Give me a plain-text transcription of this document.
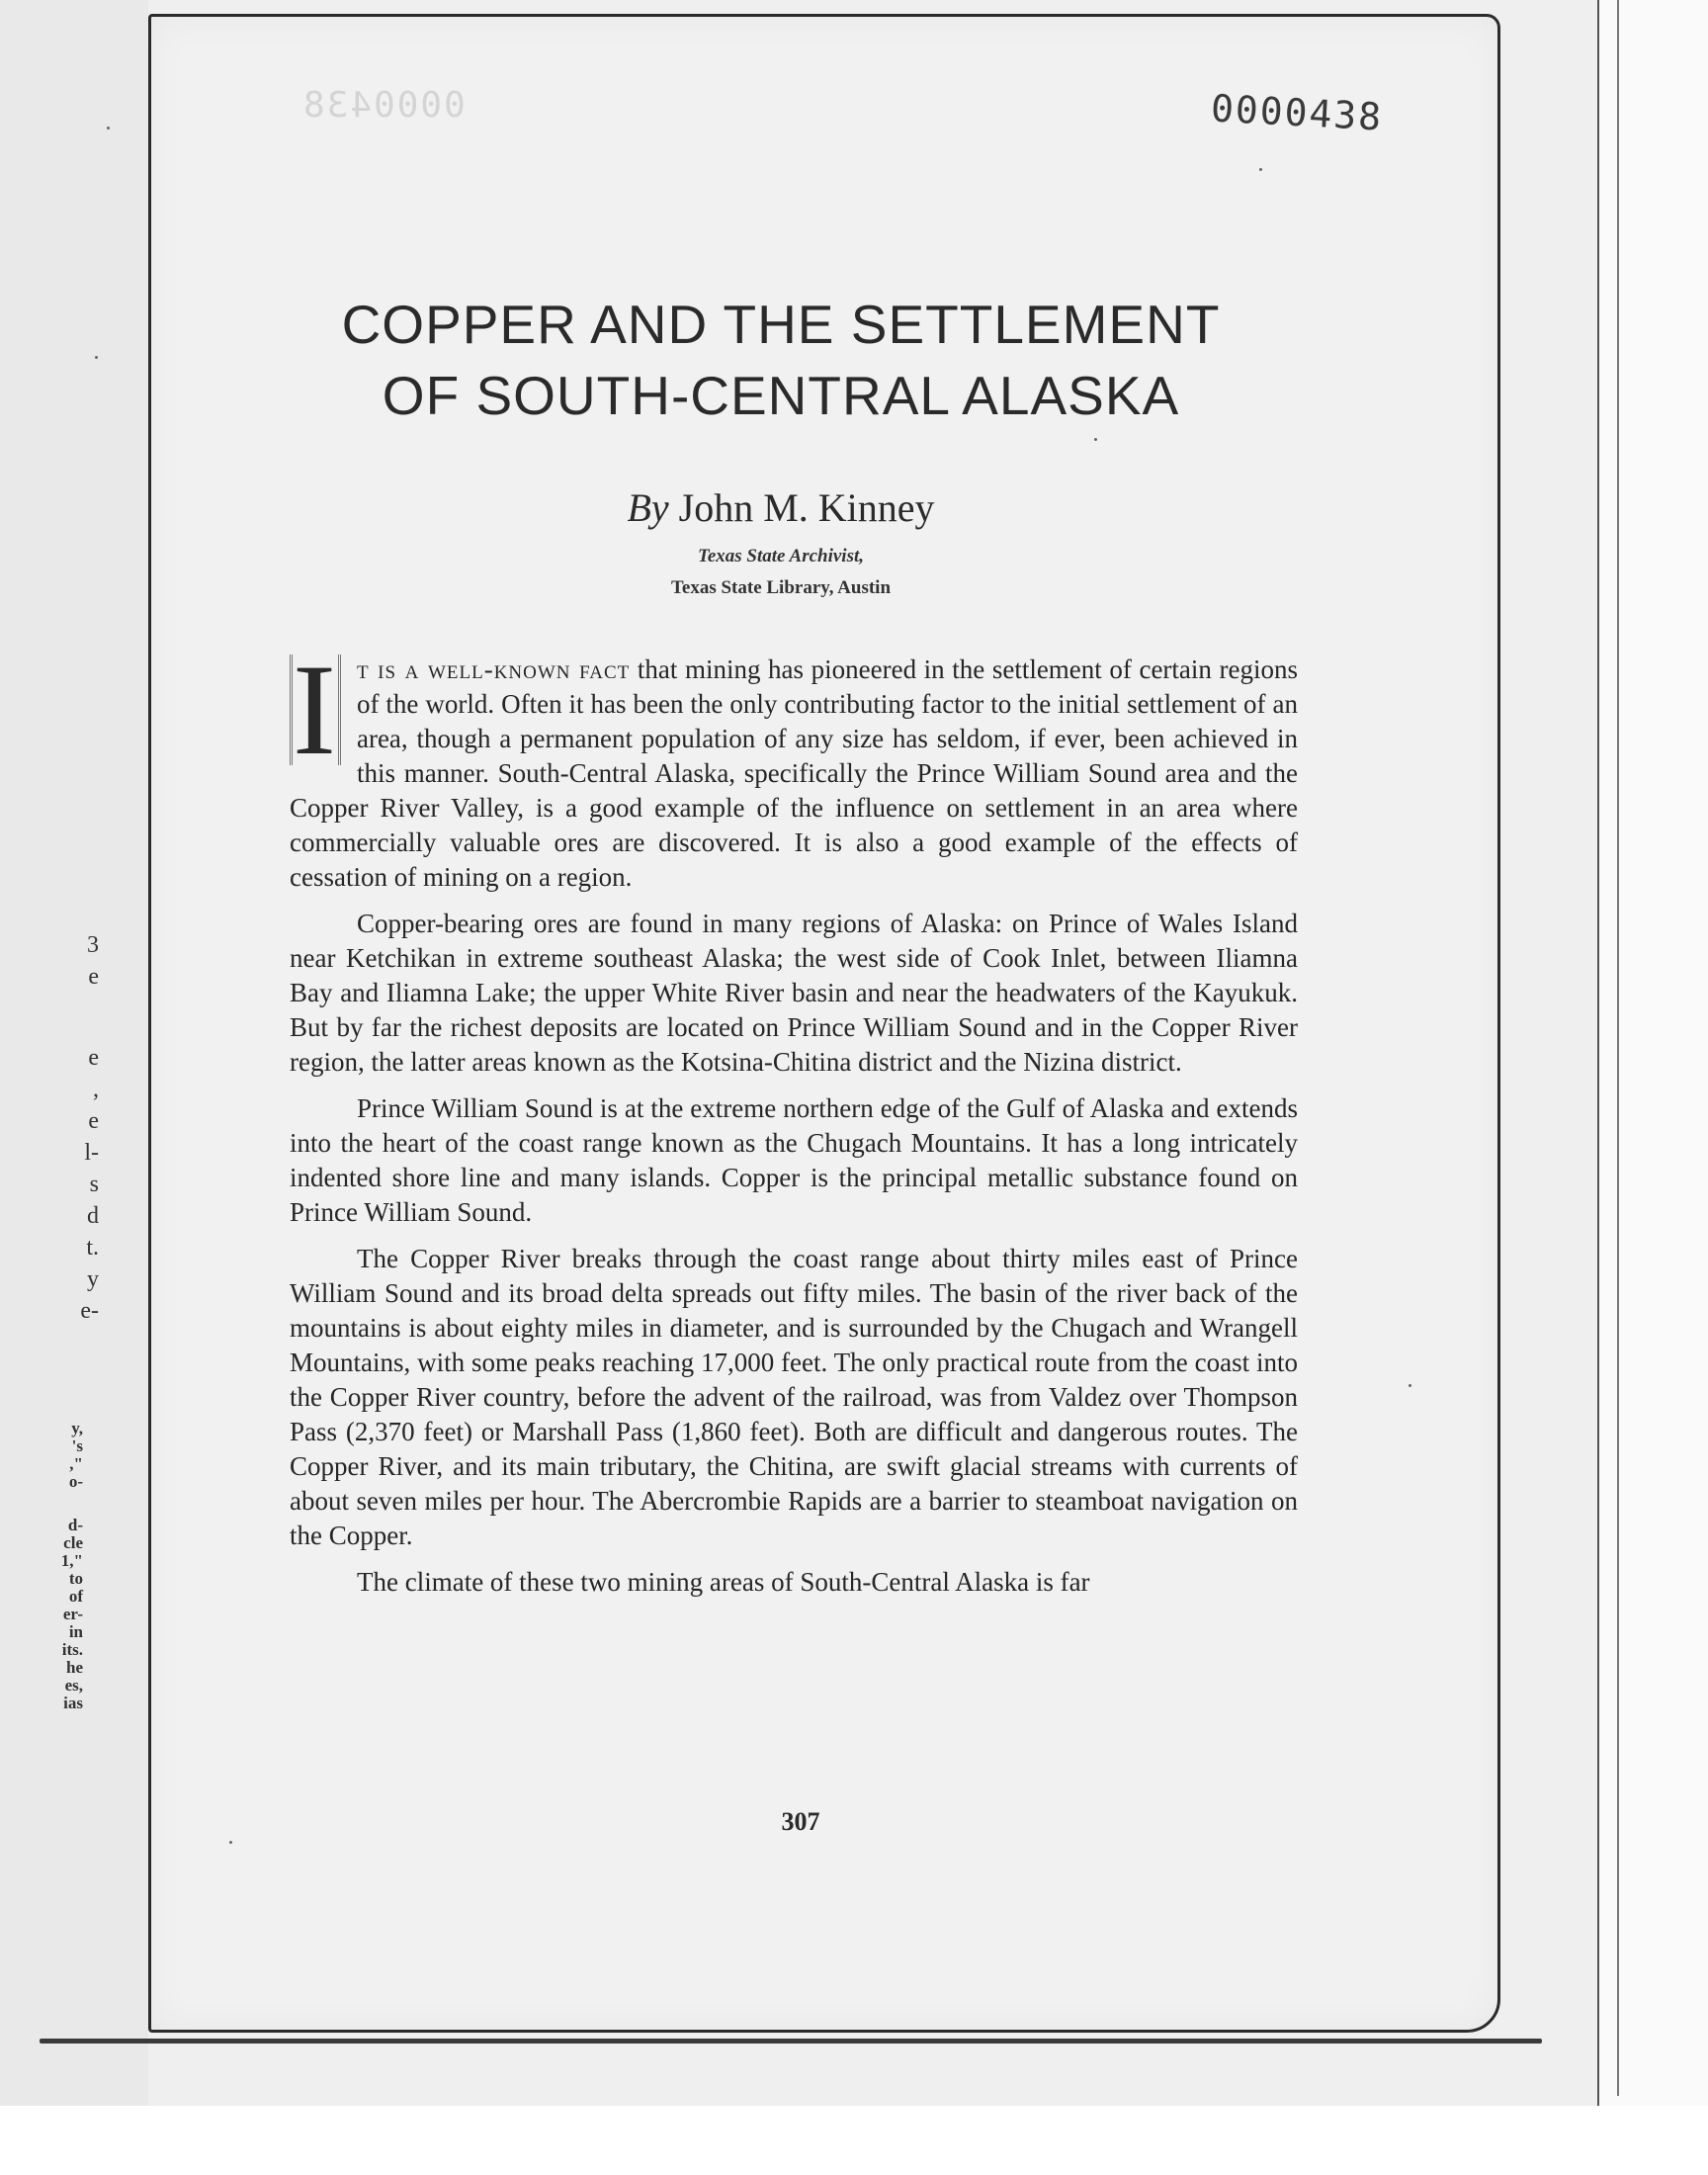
3
e
e
,
e
l-
s
d
t.
y
e-
y,
's
,"
o-
d-
cle
1,"
to
of
er-
in
its.
he
es,
ias
0000438	0000438
COPPER AND THE SETTLEMENT
OF SOUTH-CENTRAL ALASKA
By John M. Kinney
Texas State Archivist,
Texas State Library, Austin

I t is a well-known fact that mining has pioneered in the settlement of certain regions of the world. Often it has been the only contributing factor to the initial settlement of an area, though a permanent population of any size has seldom, if ever, been achieved in this manner. South-Central Alaska, specifically the Prince William Sound area and the Copper River Valley, is a good example of the influence on settlement in an area where commercially valuable ores are discovered. It is also a good example of the effects of cessation of mining on a region.

Copper-bearing ores are found in many regions of Alaska: on Prince of Wales Island near Ketchikan in extreme southeast Alaska; the west side of Cook Inlet, between Iliamna Bay and Iliamna Lake; the upper White River basin and near the headwaters of the Kayukuk. But by far the richest deposits are located on Prince William Sound and in the Copper River region, the latter areas known as the Kotsina-Chitina district and the Nizina district.

Prince William Sound is at the extreme northern edge of the Gulf of Alaska and extends into the heart of the coast range known as the Chugach Mountains. It has a long intricately indented shore line and many islands. Copper is the principal metallic substance found on Prince William Sound.

The Copper River breaks through the coast range about thirty miles east of Prince William Sound and its broad delta spreads out fifty miles. The basin of the river back of the mountains is about eighty miles in diameter, and is surrounded by the Chugach and Wrangell Mountains, with some peaks reaching 17,000 feet. The only practical route from the coast into the Copper River country, before the advent of the railroad, was from Valdez over Thompson Pass (2,370 feet) or Marshall Pass (1,860 feet). Both are difficult and dangerous routes. The Copper River, and its main tributary, the Chitina, are swift glacial streams with currents of about seven miles per hour. The Abercrombie Rapids are a barrier to steamboat navigation on the Copper.

The climate of these two mining areas of South-Central Alaska is far

307
